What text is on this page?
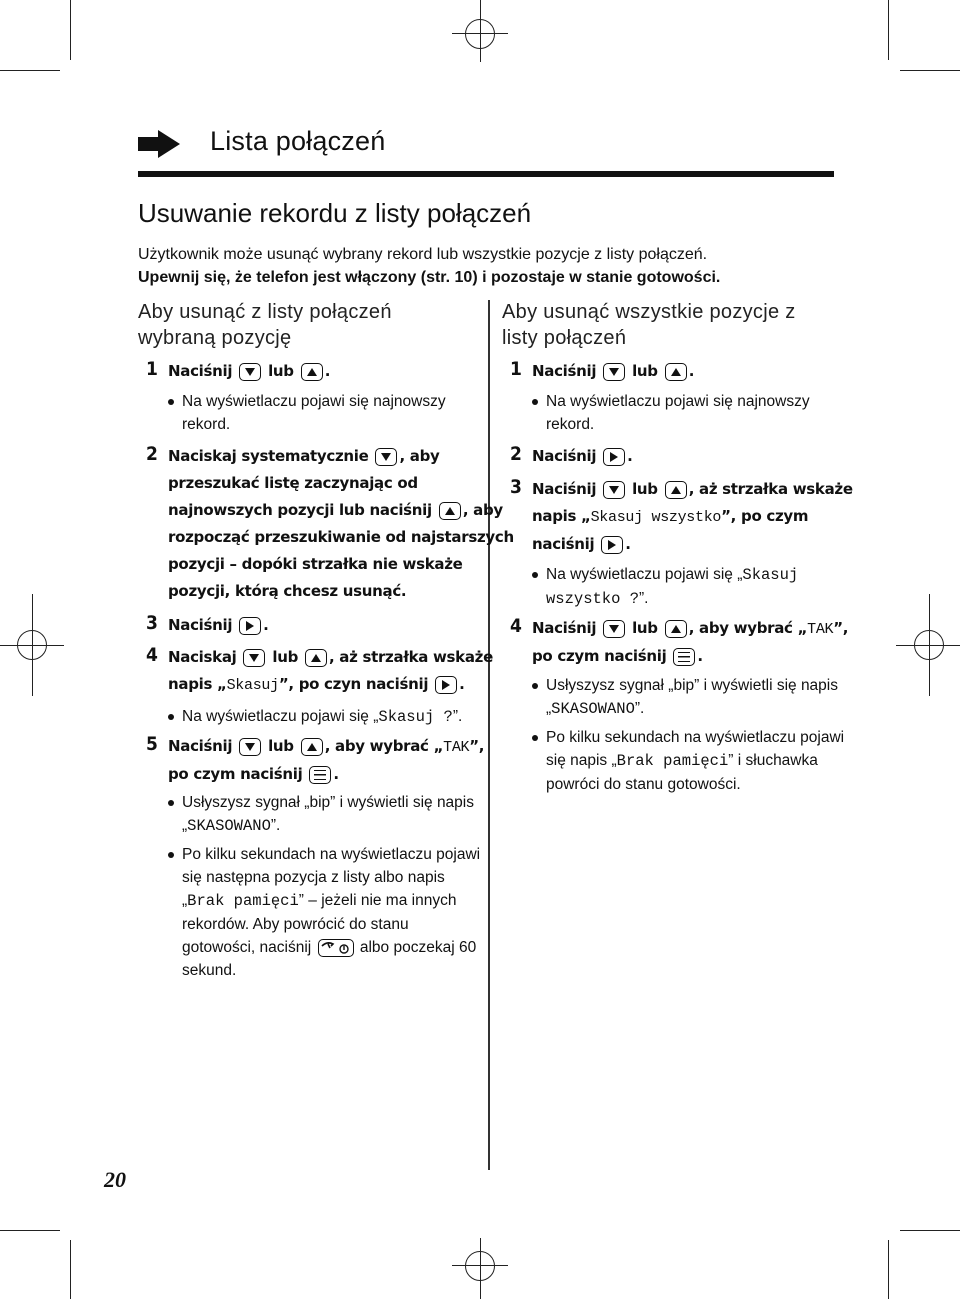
Lista połączeń
Usuwanie rekordu z listy połączeń
Użytkownik może usunąć wybrany rekord lub wszystkie pozycje z listy połączeń.
Upewnij się, że telefon jest włączony (str. 10) i pozostaje w stanie gotowości.
Aby usunąć z listy połączeń
wybraną pozycję
1 Naciśnij lub .
Na wyświetlaczu pojawi się najnowszy
rekord.
2 Naciskaj systematycznie , aby
przeszukać listę zaczynając od
najnowszych pozycji lub naciśnij , aby
rozpocząć przeszukiwanie od najstarszych
pozycji – dopóki strzałka nie wskaże
pozycji, którą chcesz usunąć.
3 Naciśnij .
4 Naciskaj lub , aż strzałka wskaże
napis „Skasuj”, po czyn naciśnij .
Na wyświetlaczu pojawi się „Skasuj ?”.
5 Naciśnij lub , aby wybrać „TAK”,
po czym naciśnij .
Usłyszysz sygnał „bip” i wyświetli się napis
„SKASOWANO”.
Po kilku sekundach na wyświetlaczu pojawi
się następna pozycja z listy albo napis
„Brak pamięci” – jeżeli nie ma innych
rekordów. Aby powrócić do stanu
gotowości, naciśnij	albo poczekaj 60
sekund.
Aby usunąć wszystkie pozycje z
listy połączeń
1 Naciśnij lub .
Na wyświetlaczu pojawi się najnowszy
rekord.
2 Naciśnij .
3 Naciśnij lub , aż strzałka wskaże
napis „Skasuj wszystko”, po czym
naciśnij .
Na wyświetlaczu pojawi się „Skasuj
wszystko ?”.
4 Naciśnij lub , aby wybrać „TAK”,
po czym naciśnij .
Usłyszysz sygnał „bip” i wyświetli się napis
„SKASOWANO”.
Po kilku sekundach na wyświetlaczu pojawi
się napis „Brak pamięci” i słuchawka
powróci do stanu gotowości.
20
